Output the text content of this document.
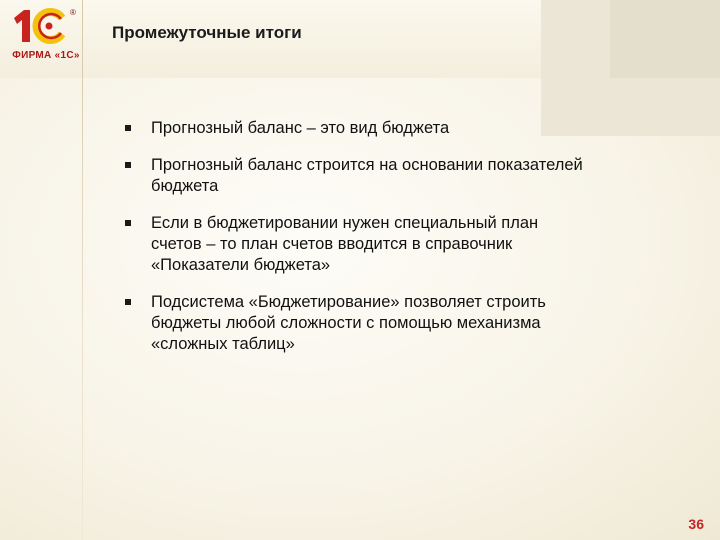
®
ФИРМА «1С»
Промежуточные итоги
Прогнозный баланс – это вид бюджета
Прогнозный баланс строится на основании показателей бюджета
Если в бюджетировании нужен специальный план счетов – то план счетов вводится в справочник «Показатели бюджета»
Подсистема «Бюджетирование» позволяет строить бюджеты любой сложности с помощью механизма «сложных таблиц»
36
